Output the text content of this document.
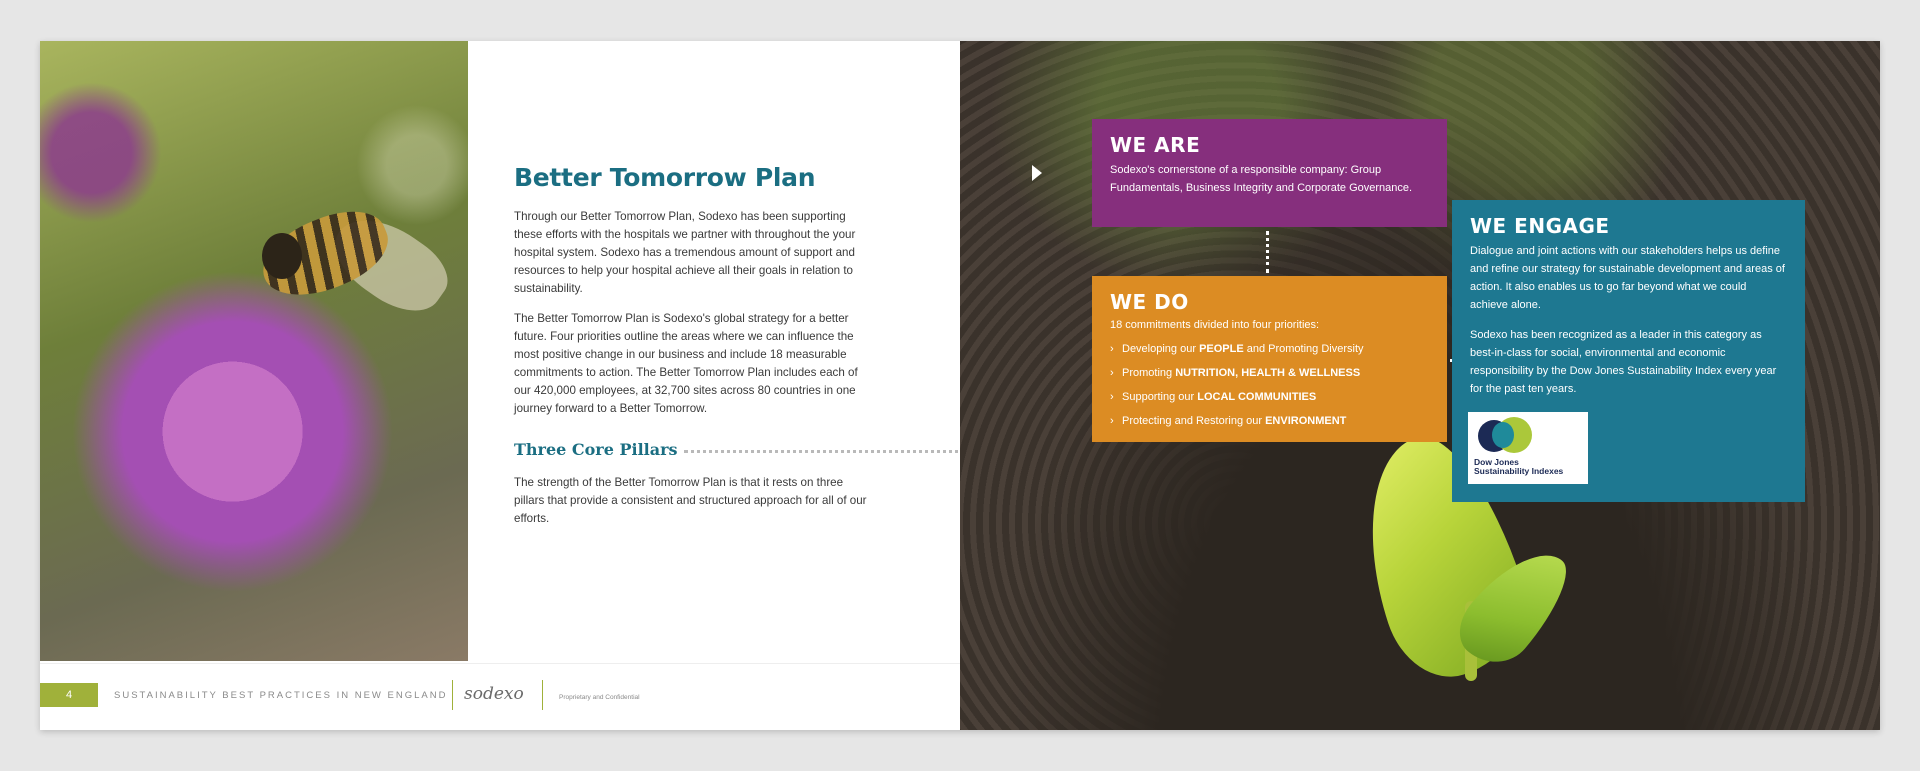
Better Tomorrow Plan

Through our Better Tomorrow Plan, Sodexo has been supporting these efforts with the hospitals we partner with throughout the your hospital system. Sodexo has a tremendous amount of support and resources to help your hospital achieve all their goals in relation to sustainability.

The Better Tomorrow Plan is Sodexo's global strategy for a better future. Four priorities outline the areas where we can influence the most positive change in our business and include 18 measurable commitments to action. The Better Tomorrow Plan includes each of our 420,000 employees, at 32,700 sites across 80 countries in one journey forward to a Better Tomorrow.

Three Core Pillars

The strength of the Better Tomorrow Plan is that it rests on three pillars that provide a consistent and structured approach for all of our efforts.

4	SUSTAINABILITY BEST PRACTICES IN NEW ENGLAND sodexo	Proprietary and Confidential
WE ARE

Sodexo's cornerstone of a responsible company: Group Fundamentals, Business Integrity and Corporate Governance.

WE DO

18 commitments divided into four priorities:

› Developing our PEOPLE and Promoting Diversity
› Promoting NUTRITION, HEALTH & WELLNESS
› Supporting our LOCAL COMMUNITIES
› Protecting and Restoring our ENVIRONMENT
WE ENGAGE

Dialogue and joint actions with our stakeholders helps us define and refine our strategy for sustainable development and areas of action. It also enables us to go far beyond what we could achieve alone.

Sodexo has been recognized as a leader in this category as best-in-class for social, environmental and economic responsibility by the Dow Jones Sustainability Index every year for the past ten years.

Dow Jones
Sustainability Indexes
